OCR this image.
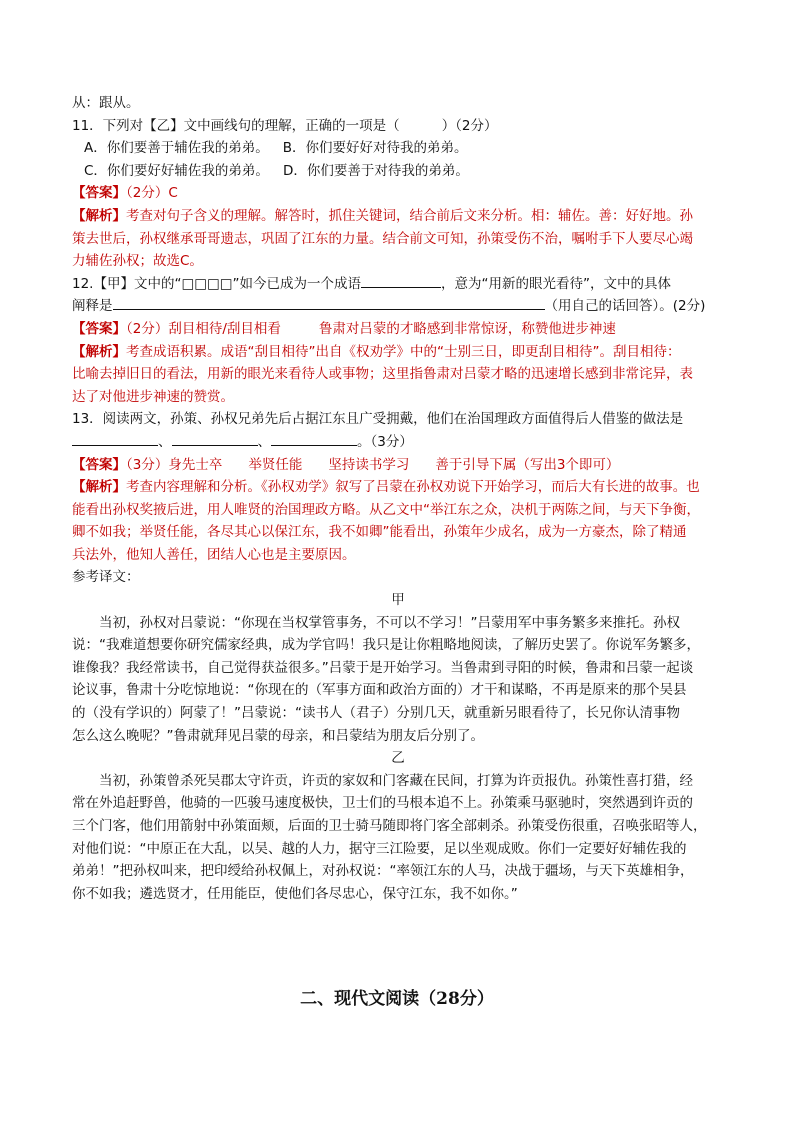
从：跟从。
11．下列对【乙】文中画线句的理解，正确的一项是（	）（2分）
A．你们要善于辅佐我的弟弟。 B．你们要好好对待我的弟弟。
C．你们要好好辅佐我的弟弟。 D．你们要善于对待我的弟弟。
【答案】（2分）C
【解析】考查对句子含义的理解。解答时，抓住关键词，结合前后文来分析。相：辅佐。善：好好地。孙
策去世后，孙权继承哥哥遗志，巩固了江东的力量。结合前文可知，孙策受伤不治，嘱咐手下人要尽心竭
力辅佐孙权；故选C。
12.【甲】文中的“□□□□”如今已成为一个成语	，意为“用新的眼光看待”，文中的具体
阐释是	（用自己的话回答）。(2分)
【答案】（2分）刮目相待/刮目相看	鲁肃对吕蒙的才略感到非常惊讶，称赞他进步神速
【解析】考查成语积累。成语“刮目相待”出自《权劝学》中的“士别三日，即更刮目相待”。刮目相待：
比喻去掉旧日的看法，用新的眼光来看待人或事物；这里指鲁肃对吕蒙才略的迅速增长感到非常诧异，表
达了对他进步神速的赞赏。
13．阅读两文，孙策、孙权兄弟先后占据江东且广受拥戴，他们在治国理政方面值得后人借鉴的做法是
、	、	。（3分）
【答案】（3分）身先士卒 举贤任能 坚持读书学习 善于引导下属（写出3个即可）
【解析】考查内容理解和分析。《孙权劝学》叙写了吕蒙在孙权劝说下开始学习，而后大有长进的故事。也
能看出孙权奖掖后进，用人唯贤的治国理政方略。从乙文中“举江东之众，决机于两陈之间，与天下争衡，
卿不如我；举贤任能，各尽其心以保江东，我不如卿”能看出，孙策年少成名，成为一方豪杰，除了精通
兵法外，他知人善任，团结人心也是主要原因。
参考译文：
甲
当初，孙权对吕蒙说：“你现在当权掌管事务，不可以不学习！”吕蒙用军中事务繁多来推托。孙权
说：“我难道想要你研究儒家经典，成为学官吗！我只是让你粗略地阅读，了解历史罢了。你说军务繁多，
谁像我？我经常读书，自己觉得获益很多。”吕蒙于是开始学习。当鲁肃到寻阳的时候，鲁肃和吕蒙一起谈
论议事，鲁肃十分吃惊地说：“你现在的（军事方面和政治方面的）才干和谋略，不再是原来的那个吴县
的（没有学识的）阿蒙了！”吕蒙说：“读书人（君子）分别几天，就重新另眼看待了，长兄你认清事物
怎么这么晚呢？”鲁肃就拜见吕蒙的母亲，和吕蒙结为朋友后分别了。
乙
当初，孙策曾杀死吴郡太守许贡，许贡的家奴和门客藏在民间，打算为许贡报仇。孙策性喜打猎，经
常在外追赶野兽，他骑的一匹骏马速度极快，卫士们的马根本追不上。孙策乘马驱驰时，突然遇到许贡的
三个门客，他们用箭射中孙策面颊，后面的卫士骑马随即将门客全部刺杀。孙策受伤很重，召唤张昭等人，
对他们说：“中原正在大乱，以吴、越的人力，据守三江险要，足以坐观成败。你们一定要好好辅佐我的
弟弟！”把孙权叫来，把印绶给孙权佩上，对孙权说：“率领江东的人马，决战于疆场，与天下英雄相争，
你不如我；遴选贤才，任用能臣，使他们各尽忠心，保守江东，我不如你。”
二、现代文阅读（28分）
